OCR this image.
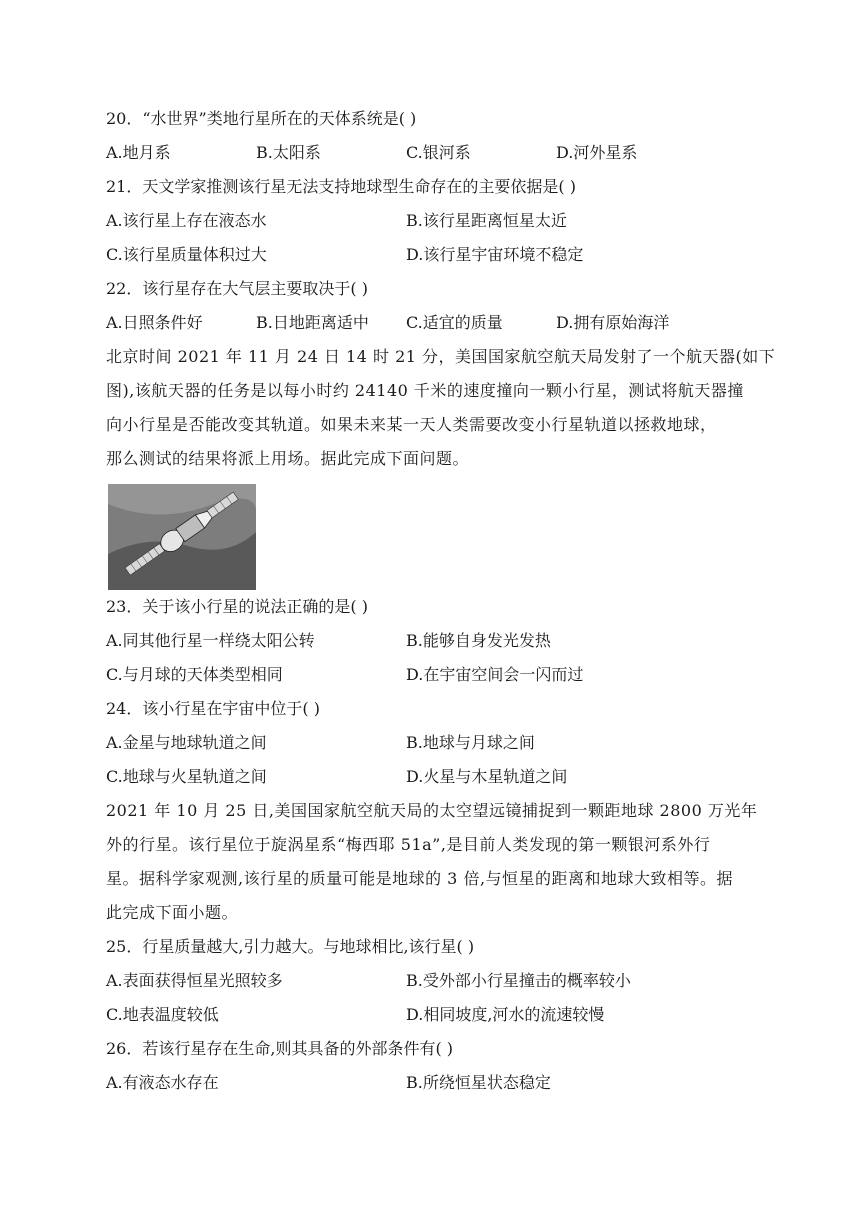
20．“水世界”类地行星所在的天体系统是( )
A.地月系	B.太阳系	C.银河系	D.河外星系
21．天文学家推测该行星无法支持地球型生命存在的主要依据是( )
A.该行星上存在液态水	B.该行星距离恒星太近
C.该行星质量体积过大	D.该行星宇宙环境不稳定
22．该行星存在大气层主要取决于( )
A.日照条件好	B.日地距离适中	C.适宜的质量	D.拥有原始海洋
北京时间 2021 年 11 月 24 日 14 时 21 分，美国国家航空航天局发射了一个航天器(如下
图),该航天器的任务是以每小时约 24140 千米的速度撞向一颗小行星，测试将航天器撞
向小行星是否能改变其轨道。如果未来某一天人类需要改变小行星轨道以拯救地球，
那么测试的结果将派上用场。据此完成下面问题。
23．关于该小行星的说法正确的是( )
A.同其他行星一样绕太阳公转	B.能够自身发光发热
C.与月球的天体类型相同	D.在宇宙空间会一闪而过
24．该小行星在宇宙中位于( )
A.金星与地球轨道之间	B.地球与月球之间
C.地球与火星轨道之间	D.火星与木星轨道之间
2021 年 10 月 25 日,美国国家航空航天局的太空望远镜捕捉到一颗距地球 2800 万光年
外的行星。该行星位于旋涡星系“梅西耶 51a”,是目前人类发现的第一颗银河系外行
星。据科学家观测,该行星的质量可能是地球的 3 倍,与恒星的距离和地球大致相等。据
此完成下面小题。
25．行星质量越大,引力越大。与地球相比,该行星( )
A.表面获得恒星光照较多	B.受外部小行星撞击的概率较小
C.地表温度较低	D.相同坡度,河水的流速较慢
26．若该行星存在生命,则其具备的外部条件有( )
A.有液态水存在	B.所绕恒星状态稳定
